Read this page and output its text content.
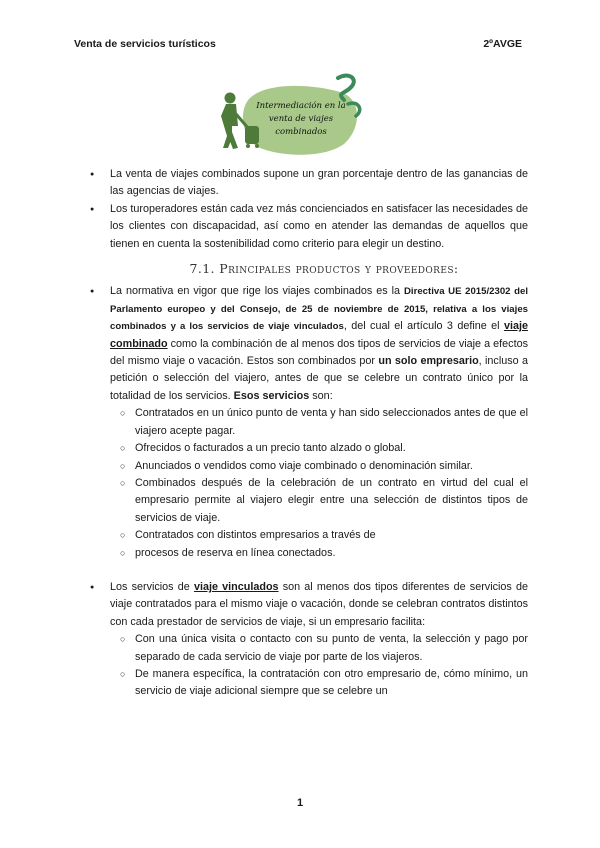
Venta de servicios turísticos	2ºAVGE
Intermediación en la
venta de viajes
combinados

● La venta de viajes combinados supone un gran porcentaje dentro de las ganancias de las agencias de viajes.

● Los turoperadores están cada vez más concienciados en satisfacer las necesidades de los clientes con discapacidad, así como en atender las demandas de aquellos que tienen en cuenta la sostenibilidad como criterio para elegir un destino.

7.1. Principales productos y proveedores:

● La normativa en vigor que rige los viajes combinados es la Directiva UE 2015/2302 del Parlamento europeo y del Consejo, de 25 de noviembre de 2015, relativa a los viajes combinados y a los servicios de viaje vinculados, del cual el artículo 3 define el viaje combinado como la combinación de al menos dos tipos de servicios de viaje a efectos del mismo viaje o vacación. Estos son combinados por un solo empresario, incluso a petición o selección del viajero, antes de que se celebre un contrato único por la totalidad de los servicios. Esos servicios son:

○ Contratados en un único punto de venta y han sido seleccionados antes de que el viajero acepte pagar.

○ Ofrecidos o facturados a un precio tanto alzado o global.

○ Anunciados o vendidos como viaje combinado o denominación similar.

○ Combinados después de la celebración de un contrato en virtud del cual el empresario permite al viajero elegir entre una selección de distintos tipos de servicios de viaje.

○ Contratados con distintos empresarios a través de

○ procesos de reserva en línea conectados.

● Los servicios de viaje vinculados son al menos dos tipos diferentes de servicios de viaje contratados para el mismo viaje o vacación, donde se celebran contratos distintos con cada prestador de servicios de viaje, si un empresario facilita:

○ Con una única visita o contacto con su punto de venta, la selección y pago por separado de cada servicio de viaje por parte de los viajeros.

○ De manera específica, la contratación con otro empresario de, cómo mínimo, un servicio de viaje adicional siempre que se celebre un

1
